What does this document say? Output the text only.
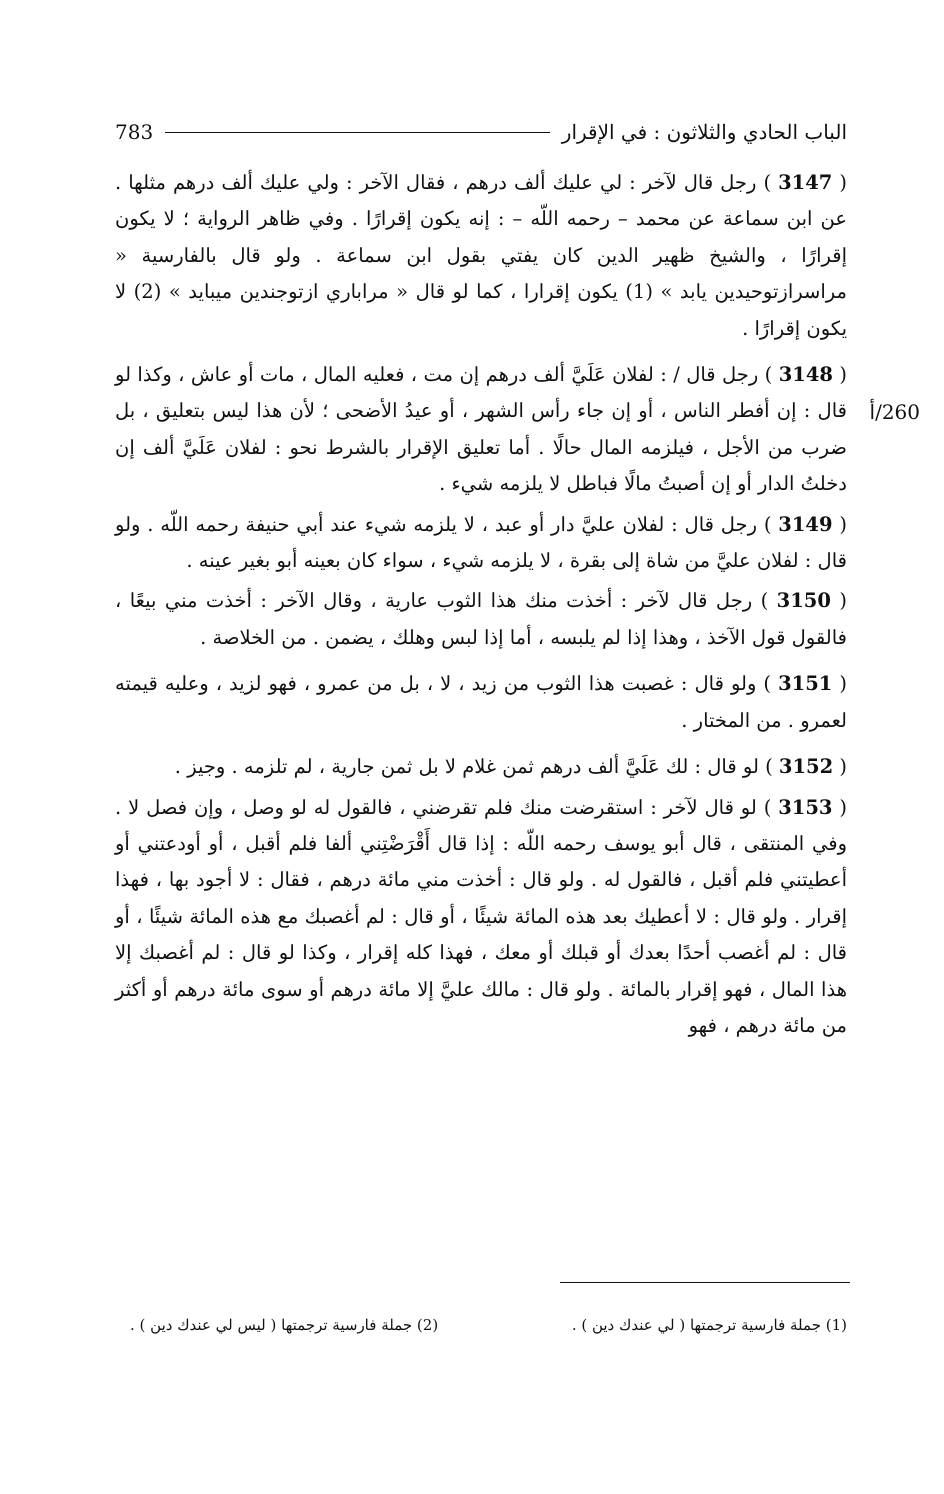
الباب الحادي والثلاثون : في الإقرار
783
260/أ

( 3147 ) رجل قال لآخر : لي عليك ألف درهم ، فقال الآخر : ولي عليك ألف درهم مثلها . عن ابن سماعة عن محمد – رحمه اللّه – : إنه يكون إقرارًا . وفي ظاهر الرواية ؛ لا يكون إقرارًا ، والشيخ ظهير الدين كان يفتي بقول ابن سماعة . ولو قال بالفارسية « مراسرازتوحيدين يابد » (1) يكون إقرارا ، كما لو قال « مراباري ازتوجندين ميبايد » (2) لا يكون إقرارًا .

( 3148 ) رجل قال / : لفلان عَلَيَّ ألف درهم إن مت ، فعليه المال ، مات أو عاش ، وكذا لو قال : إن أفطر الناس ، أو إن جاء رأس الشهر ، أو عيدُ الأضحى ؛ لأن هذا ليس بتعليق ، بل ضرب من الأجل ، فيلزمه المال حالًا . أما تعليق الإقرار بالشرط نحو : لفلان عَلَيَّ ألف إن دخلتُ الدار أو إن أصبتُ مالًا فباطل لا يلزمه شيء .

( 3149 ) رجل قال : لفلان عليَّ دار أو عبد ، لا يلزمه شيء عند أبي حنيفة رحمه اللّه . ولو قال : لفلان عليَّ من شاة إلى بقرة ، لا يلزمه شيء ، سواء كان بعينه أبو بغير عينه .

( 3150 ) رجل قال لآخر : أخذت منك هذا الثوب عارية ، وقال الآخر : أخذت مني بيعًا ، فالقول قول الآخذ ، وهذا إذا لم يلبسه ، أما إذا لبس وهلك ، يضمن . من الخلاصة .

( 3151 ) ولو قال : غصبت هذا الثوب من زيد ، لا ، بل من عمرو ، فهو لزيد ، وعليه قيمته لعمرو . من المختار .

( 3152 ) لو قال : لك عَلَيَّ ألف درهم ثمن غلام لا بل ثمن جارية ، لم تلزمه . وجيز .

( 3153 ) لو قال لآخر : استقرضت منك فلم تقرضني ، فالقول له لو وصل ، وإن فصل لا . وفي المنتقى ، قال أبو يوسف رحمه اللّه : إذا قال أَقْرَضْتِني ألفا فلم أقبل ، أو أودعتني أو أعطيتني فلم أقبل ، فالقول له . ولو قال : أخذت مني مائة درهم ، فقال : لا أجود بها ، فهذا إقرار . ولو قال : لا أعطيك بعد هذه المائة شيئًا ، أو قال : لم أغصبك مع هذه المائة شيئًا ، أو قال : لم أغصب أحدًا بعدك أو قبلك أو معك ، فهذا كله إقرار ، وكذا لو قال : لم أغصبك إلا هذا المال ، فهو إقرار بالمائة . ولو قال : مالك عليَّ إلا مائة درهم أو سوى مائة درهم أو أكثر من مائة درهم ، فهو

(1) جملة فارسية ترجمتها ( لي عندك دين ) .
(2) جملة فارسية ترجمتها ( ليس لي عندك دين ) .
